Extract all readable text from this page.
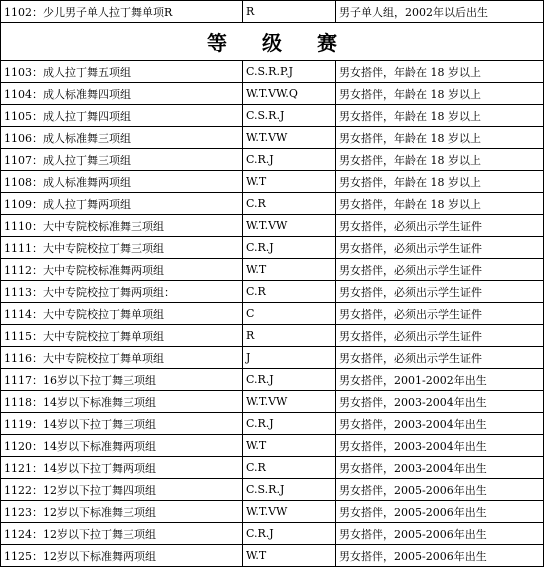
1102：少儿男子单人拉丁舞单项R	R	男子单人组，2002年以后出生
等 级 赛		
1103：成人拉丁舞五项组	C.S.R.P.J	男女搭伴，年龄在 18 岁以上
1104：成人标准舞四项组	W.T.VW.Q	男女搭伴，年龄在 18 岁以上
1105：成人拉丁舞四项组	C.S.R.J	男女搭伴，年龄在 18 岁以上
1106：成人标准舞三项组	W.T.VW	男女搭伴，年龄在 18 岁以上
1107：成人拉丁舞三项组	C.R.J	男女搭伴，年龄在 18 岁以上
1108：成人标准舞两项组	W.T	男女搭伴，年龄在 18 岁以上
1109：成人拉丁舞两项组	C.R	男女搭伴，年龄在 18 岁以上
1110：大中专院校标准舞三项组	W.T.VW	男女搭伴，必须出示学生证件
1111：大中专院校拉丁舞三项组	C.R.J	男女搭伴，必须出示学生证件
1112：大中专院校标准舞两项组	W.T	男女搭伴，必须出示学生证件
1113：大中专院校拉丁舞两项组：	C.R	男女搭伴，必须出示学生证件
1114：大中专院校拉丁舞单项组	C	男女搭伴，必须出示学生证件
1115：大中专院校拉丁舞单项组	R	男女搭伴，必须出示学生证件
1116：大中专院校拉丁舞单项组	J	男女搭伴，必须出示学生证件
1117：16岁以下拉丁舞三项组	C.R.J	男女搭伴，2001-2002年出生
1118：14岁以下标准舞三项组	W.T.VW	男女搭伴，2003-2004年出生
1119：14岁以下拉丁舞三项组	C.R.J	男女搭伴，2003-2004年出生
1120：14岁以下标准舞两项组	W.T	男女搭伴，2003-2004年出生
1121：14岁以下拉丁舞两项组	C.R	男女搭伴，2003-2004年出生
1122：12岁以下拉丁舞四项组	C.S.R.J	男女搭伴，2005-2006年出生
1123：12岁以下标准舞三项组	W.T.VW	男女搭伴，2005-2006年出生
1124：12岁以下拉丁舞三项组	C.R.J	男女搭伴，2005-2006年出生
1125：12岁以下标准舞两项组	W.T	男女搭伴，2005-2006年出生
